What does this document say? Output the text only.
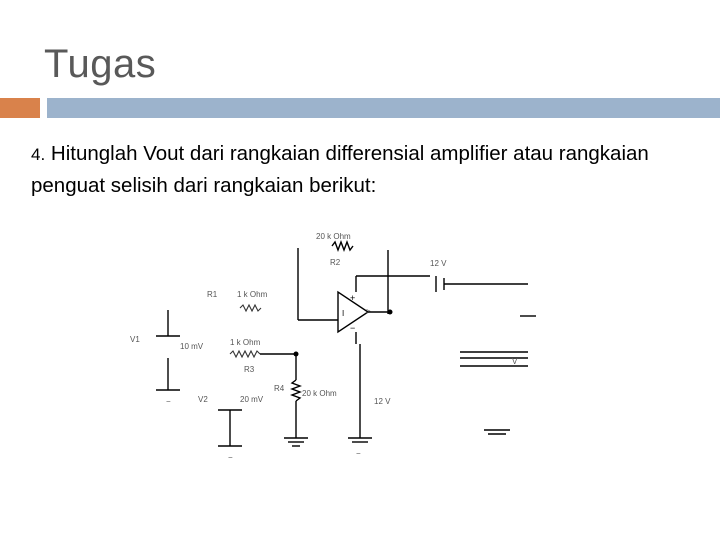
Tugas

4. Hitunglah Vout dari rangkaian differensial amplifier atau rangkaian penguat selisih dari rangkaian berikut:

20 k Ohm
R2
R1 1 k Ohm	+
−
I	>
12 V
V
V1
10 mV
−
1 k Ohm
R3
R4
20 k Ohm
V2	20 mV
−
12 V
−
